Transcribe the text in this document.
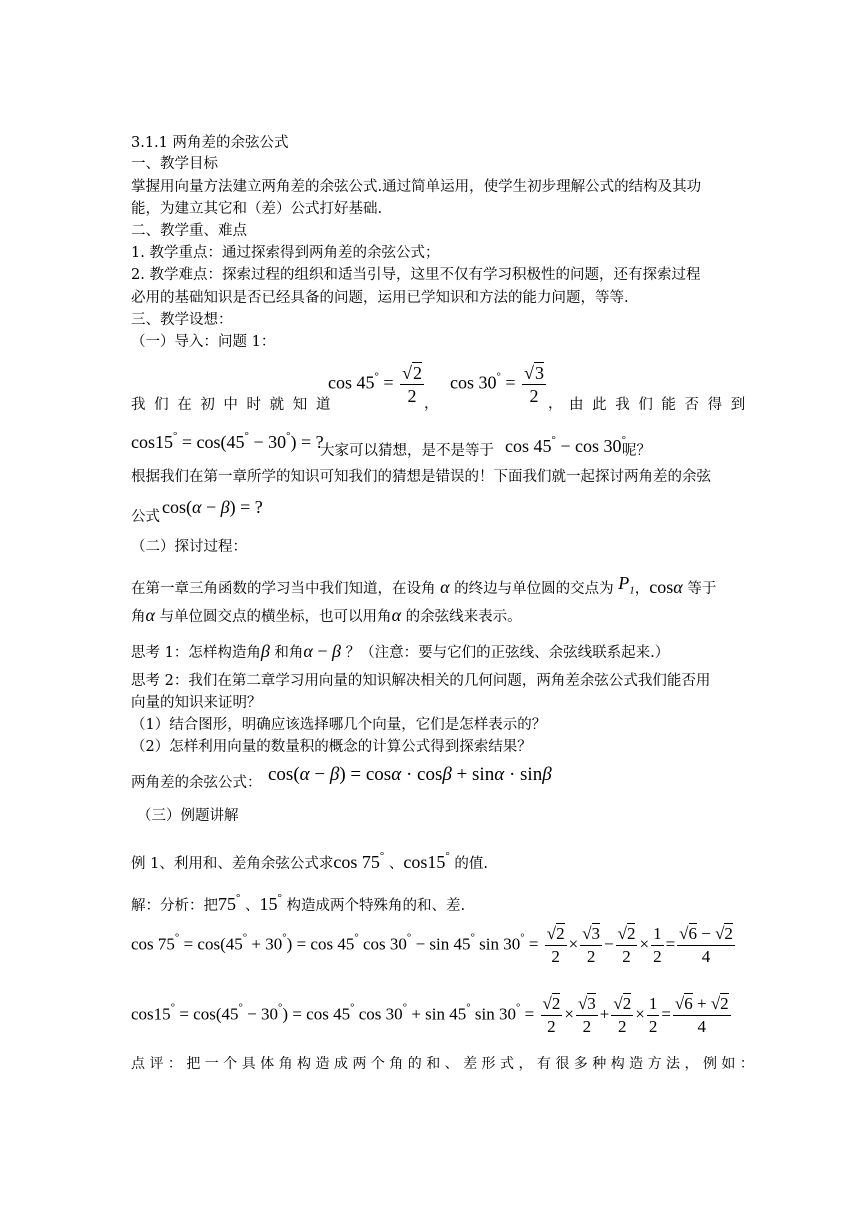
3.1.1 两角差的余弦公式
一、教学目标
掌握用向量方法建立两角差的余弦公式.通过简单运用，使学生初步理解公式的结构及其功
能，为建立其它和（差）公式打好基础.
二、教学重、难点
1. 教学重点：通过探索得到两角差的余弦公式；
2. 教学难点：探索过程的组织和适当引导，这里不仅有学习积极性的问题，还有探索过程
必用的基础知识是否已经具备的问题，运用已学知识和方法的能力问题，等等.
三、教学设想：
（一）导入：问题 1：
我 们 在 初 中 时 就 知 道
$\cos 45^\circ = \frac{√2}{2}$ ，
$\cos 30^\circ = \frac{√3}{2}$ ， 由 此 我 们 能 否 得 到
cos15° = cos(45° − 30°) = ?
大家可以猜想，是不是等于 cos 45° − cos 30°
呢？
根据我们在第一章所学的知识可知我们的猜想是错误的！下面我们就一起探讨两角差的余弦
公式 cos(α − β) = ?
（二）探讨过程：
在第一章三角函数的学习当中我们知道，在设角 α 的终边与单位圆的交点为 $P_1$，cosα 等于
角α 与单位圆交点的横坐标，也可以用角α 的余弦线来表示。
思考 1：怎样构造角β 和角α − β ？（注意：要与它们的正弦线、余弦线联系起来.）
思考 2：我们在第二章学习用向量的知识解决相关的几何问题，两角差余弦公式我们能否用
向量的知识来证明？
（1）结合图形，明确应该选择哪几个向量，它们是怎样表示的？
（2）怎样利用向量的数量积的概念的计算公式得到探索结果？
两角差的余弦公式： cos(α − β) = cosα · cosβ + sinα · sinβ
（三）例题讲解
例 1、利用和、差角余弦公式求cos 75° 、cos15° 的值.
解：分析：把75° 、15° 构造成两个特殊角的和、差.
cos 75° = cos(45° + 30°) = cos 45° cos 30° − sin 45° $\sin 30^\circ = \frac{√2}{2} \times \frac{√3}{2} - \frac{√2}{2} \times \frac{1}{2} = \frac{√6 - √2}{4}$
cos15° = cos(45° − 30°) = cos 45° cos 30° + sin 45° $\sin 30^\circ = \frac{√2}{2} \times \frac{√3}{2} + \frac{√2}{2} \times \frac{1}{2} = \frac{√6 + √2}{4}$
点 评 ： 把 一 个 具 体 角 构 造 成 两 个 角 的 和 、 差 形 式 ， 有 很 多 种 构 造 方 法 ， 例 如 ：
